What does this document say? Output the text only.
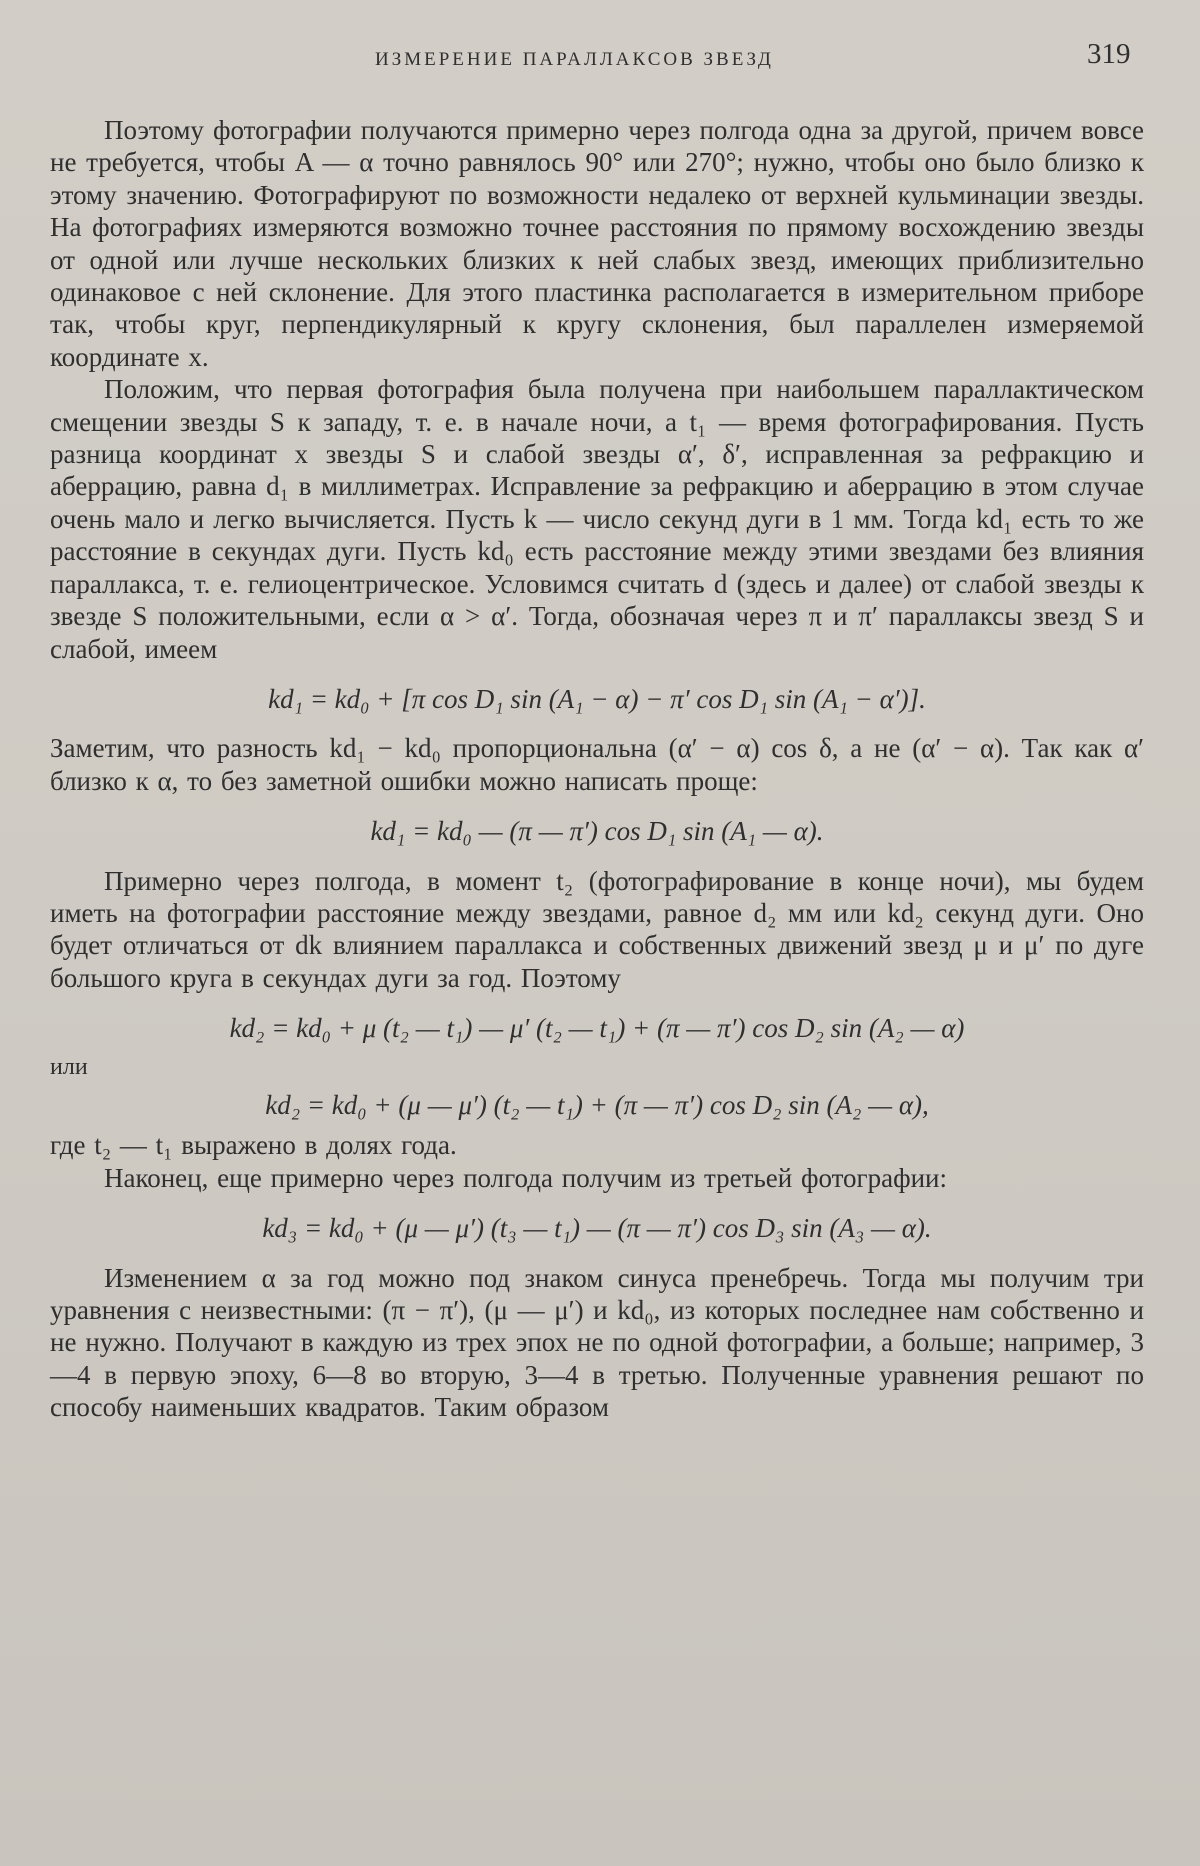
ИЗМЕРЕНИЕ ПАРАЛЛАКСОВ ЗВЕЗД	319

Поэтому фотографии получаются примерно через полгода одна за другой, причем вовсе не требуется, чтобы A — α точно равнялось 90° или 270°; нужно, чтобы оно было близко к этому значению. Фотографируют по возможности недалеко от верхней кульминации звезды. На фотографиях измеряются возможно точнее расстояния по прямому восхождению звезды от одной или лучше нескольких близких к ней слабых звезд, имеющих приблизительно одинаковое с ней склонение. Для этого пластинка располагается в измерительном приборе так, чтобы круг, перпендикулярный к кругу склонения, был параллелен измеряемой координате x.

Положим, что первая фотография была получена при наибольшем параллактическом смещении звезды S к западу, т. е. в начале ночи, а t₁ — время фотографирования. Пусть разница координат x звезды S и слабой звезды α′, δ′, исправленная за рефракцию и аберрацию, равна d₁ в миллиметрах. Исправление за рефракцию и аберрацию в этом случае очень мало и легко вычисляется. Пусть k — число секунд дуги в 1 мм. Тогда kd₁ есть то же расстояние в секундах дуги. Пусть kd₀ есть расстояние между этими звездами без влияния параллакса, т. е. гелиоцентрическое. Условимся считать d (здесь и далее) от слабой звезды к звезде S положительными, если α > α′. Тогда, обозначая через π и π′ параллаксы звезд S и слабой, имеем

kd₁ = kd₀ + [π cos D₁ sin (A₁ − α) − π′ cos D₁ sin (A₁ − α′)].

Заметим, что разность kd₁ − kd₀ пропорциональна (α′ − α) cos δ, а не (α′ − α). Так как α′ близко к α, то без заметной ошибки можно написать проще:

kd₁ = kd₀ — (π — π′) cos D₁ sin (A₁ — α).

Примерно через полгода, в момент t₂ (фотографирование в конце ночи), мы будем иметь на фотографии расстояние между звездами, равное d₂ мм или kd₂ секунд дуги. Оно будет отличаться от dk влиянием параллакса и собственных движений звезд μ и μ′ по дуге большого круга в секундах дуги за год. Поэтому

kd₂ = kd₀ + μ (t₂ — t₁) — μ′ (t₂ — t₁) + (π — π′) cos D₂ sin (A₂ — α)

или

kd₂ = kd₀ + (μ — μ′) (t₂ — t₁) + (π — π′) cos D₂ sin (A₂ — α),

где t₂ — t₁ выражено в долях года.

Наконец, еще примерно через полгода получим из третьей фотографии:

kd₃ = kd₀ + (μ — μ′) (t₃ — t₁) — (π — π′) cos D₃ sin (A₃ — α).

Изменением α за год можно под знаком синуса пренебречь. Тогда мы получим три уравнения с неизвестными: (π − π′), (μ — μ′) и kd₀, из которых последнее нам собственно и не нужно. Получают в каждую из трех эпох не по одной фотографии, а больше; например, 3—4 в первую эпоху, 6—8 во вторую, 3—4 в третью. Полученные уравнения решают по способу наименьших квадратов. Таким образом
